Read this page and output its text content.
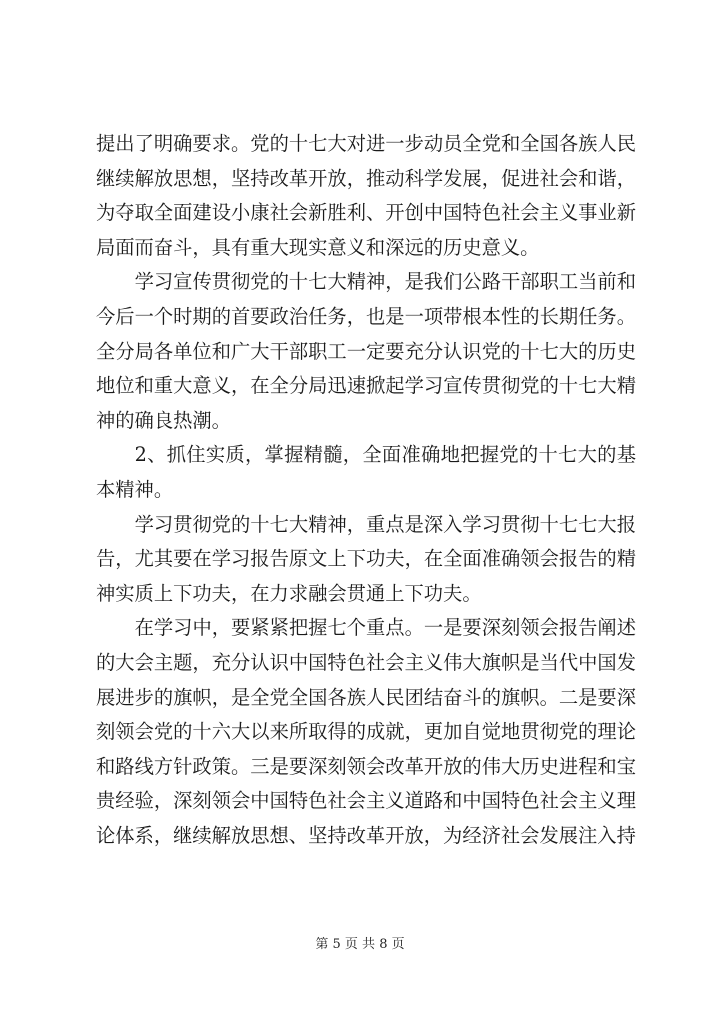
提出了明确要求。党的十七大对进一步动员全党和全国各族人民继续解放思想，坚持改革开放，推动科学发展，促进社会和谐，为夺取全面建设小康社会新胜利、开创中国特色社会主义事业新局面而奋斗，具有重大现实意义和深远的历史意义。

学习宣传贯彻党的十七大精神，是我们公路干部职工当前和今后一个时期的首要政治任务，也是一项带根本性的长期任务。全分局各单位和广大干部职工一定要充分认识党的十七大的历史地位和重大意义，在全分局迅速掀起学习宣传贯彻党的十七大精神的确良热潮。

2、抓住实质，掌握精髓，全面准确地把握党的十七大的基本精神。

学习贯彻党的十七大精神，重点是深入学习贯彻十七七大报告，尤其要在学习报告原文上下功夫，在全面准确领会报告的精神实质上下功夫，在力求融会贯通上下功夫。

在学习中，要紧紧把握七个重点。一是要深刻领会报告阐述的大会主题，充分认识中国特色社会主义伟大旗帜是当代中国发展进步的旗帜，是全党全国各族人民团结奋斗的旗帜。二是要深刻领会党的十六大以来所取得的成就，更加自觉地贯彻党的理论和路线方针政策。三是要深刻领会改革开放的伟大历史进程和宝贵经验，深刻领会中国特色社会主义道路和中国特色社会主义理论体系，继续解放思想、坚持改革开放，为经济社会发展注入持

第 5 页 共 8 页
